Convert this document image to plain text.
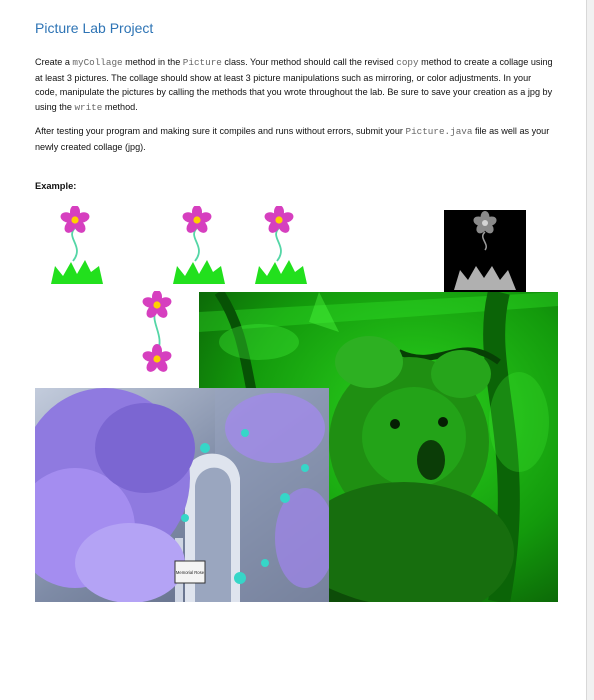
Picture Lab Project
Create a myCollage method in the Picture class. Your method should call the revised copy method to create a collage using at least 3 pictures. The collage should show at least 3 picture manipulations such as mirroring, or color adjustments. In your code, manipulate the pictures by calling the methods that you wrote throughout the lab. Be sure to save your creation as a jpg by using the write method.
After testing your program and making sure it compiles and runs without errors, submit your Picture.java file as well as your newly created collage (jpg).
Example:
Memorial Rose
